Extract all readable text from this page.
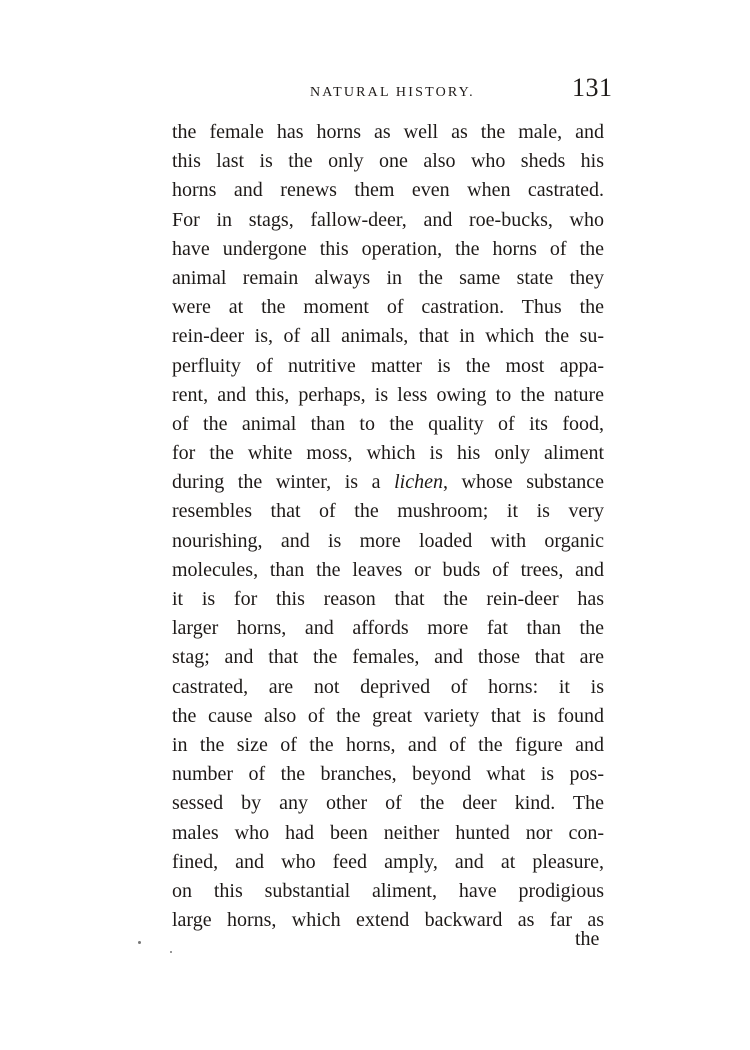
NATURAL HISTORY.	131
the female has horns as well as the male, and
this last is the only one also who sheds his
horns and renews them even when castrated.
For in stags, fallow-deer, and roe-bucks, who
have undergone this operation, the horns of the
animal remain always in the same state they
were at the moment of castration. Thus the
rein-deer is, of all animals, that in which the su-
perfluity of nutritive matter is the most appa-
rent, and this, perhaps, is less owing to the nature
of the animal than to the quality of its food,
for the white moss, which is his only aliment
during the winter, is a lichen, whose substance
resembles that of the mushroom; it is very
nourishing, and is more loaded with organic
molecules, than the leaves or buds of trees, and
it is for this reason that the rein-deer has
larger horns, and affords more fat than the
stag; and that the females, and those that are
castrated, are not deprived of horns: it is
the cause also of the great variety that is found
in the size of the horns, and of the figure and
number of the branches, beyond what is pos-
sessed by any other of the deer kind. The
males who had been neither hunted nor con-
fined, and who feed amply, and at pleasure,
on this substantial aliment, have prodigious
large horns, which extend backward as far as
the
